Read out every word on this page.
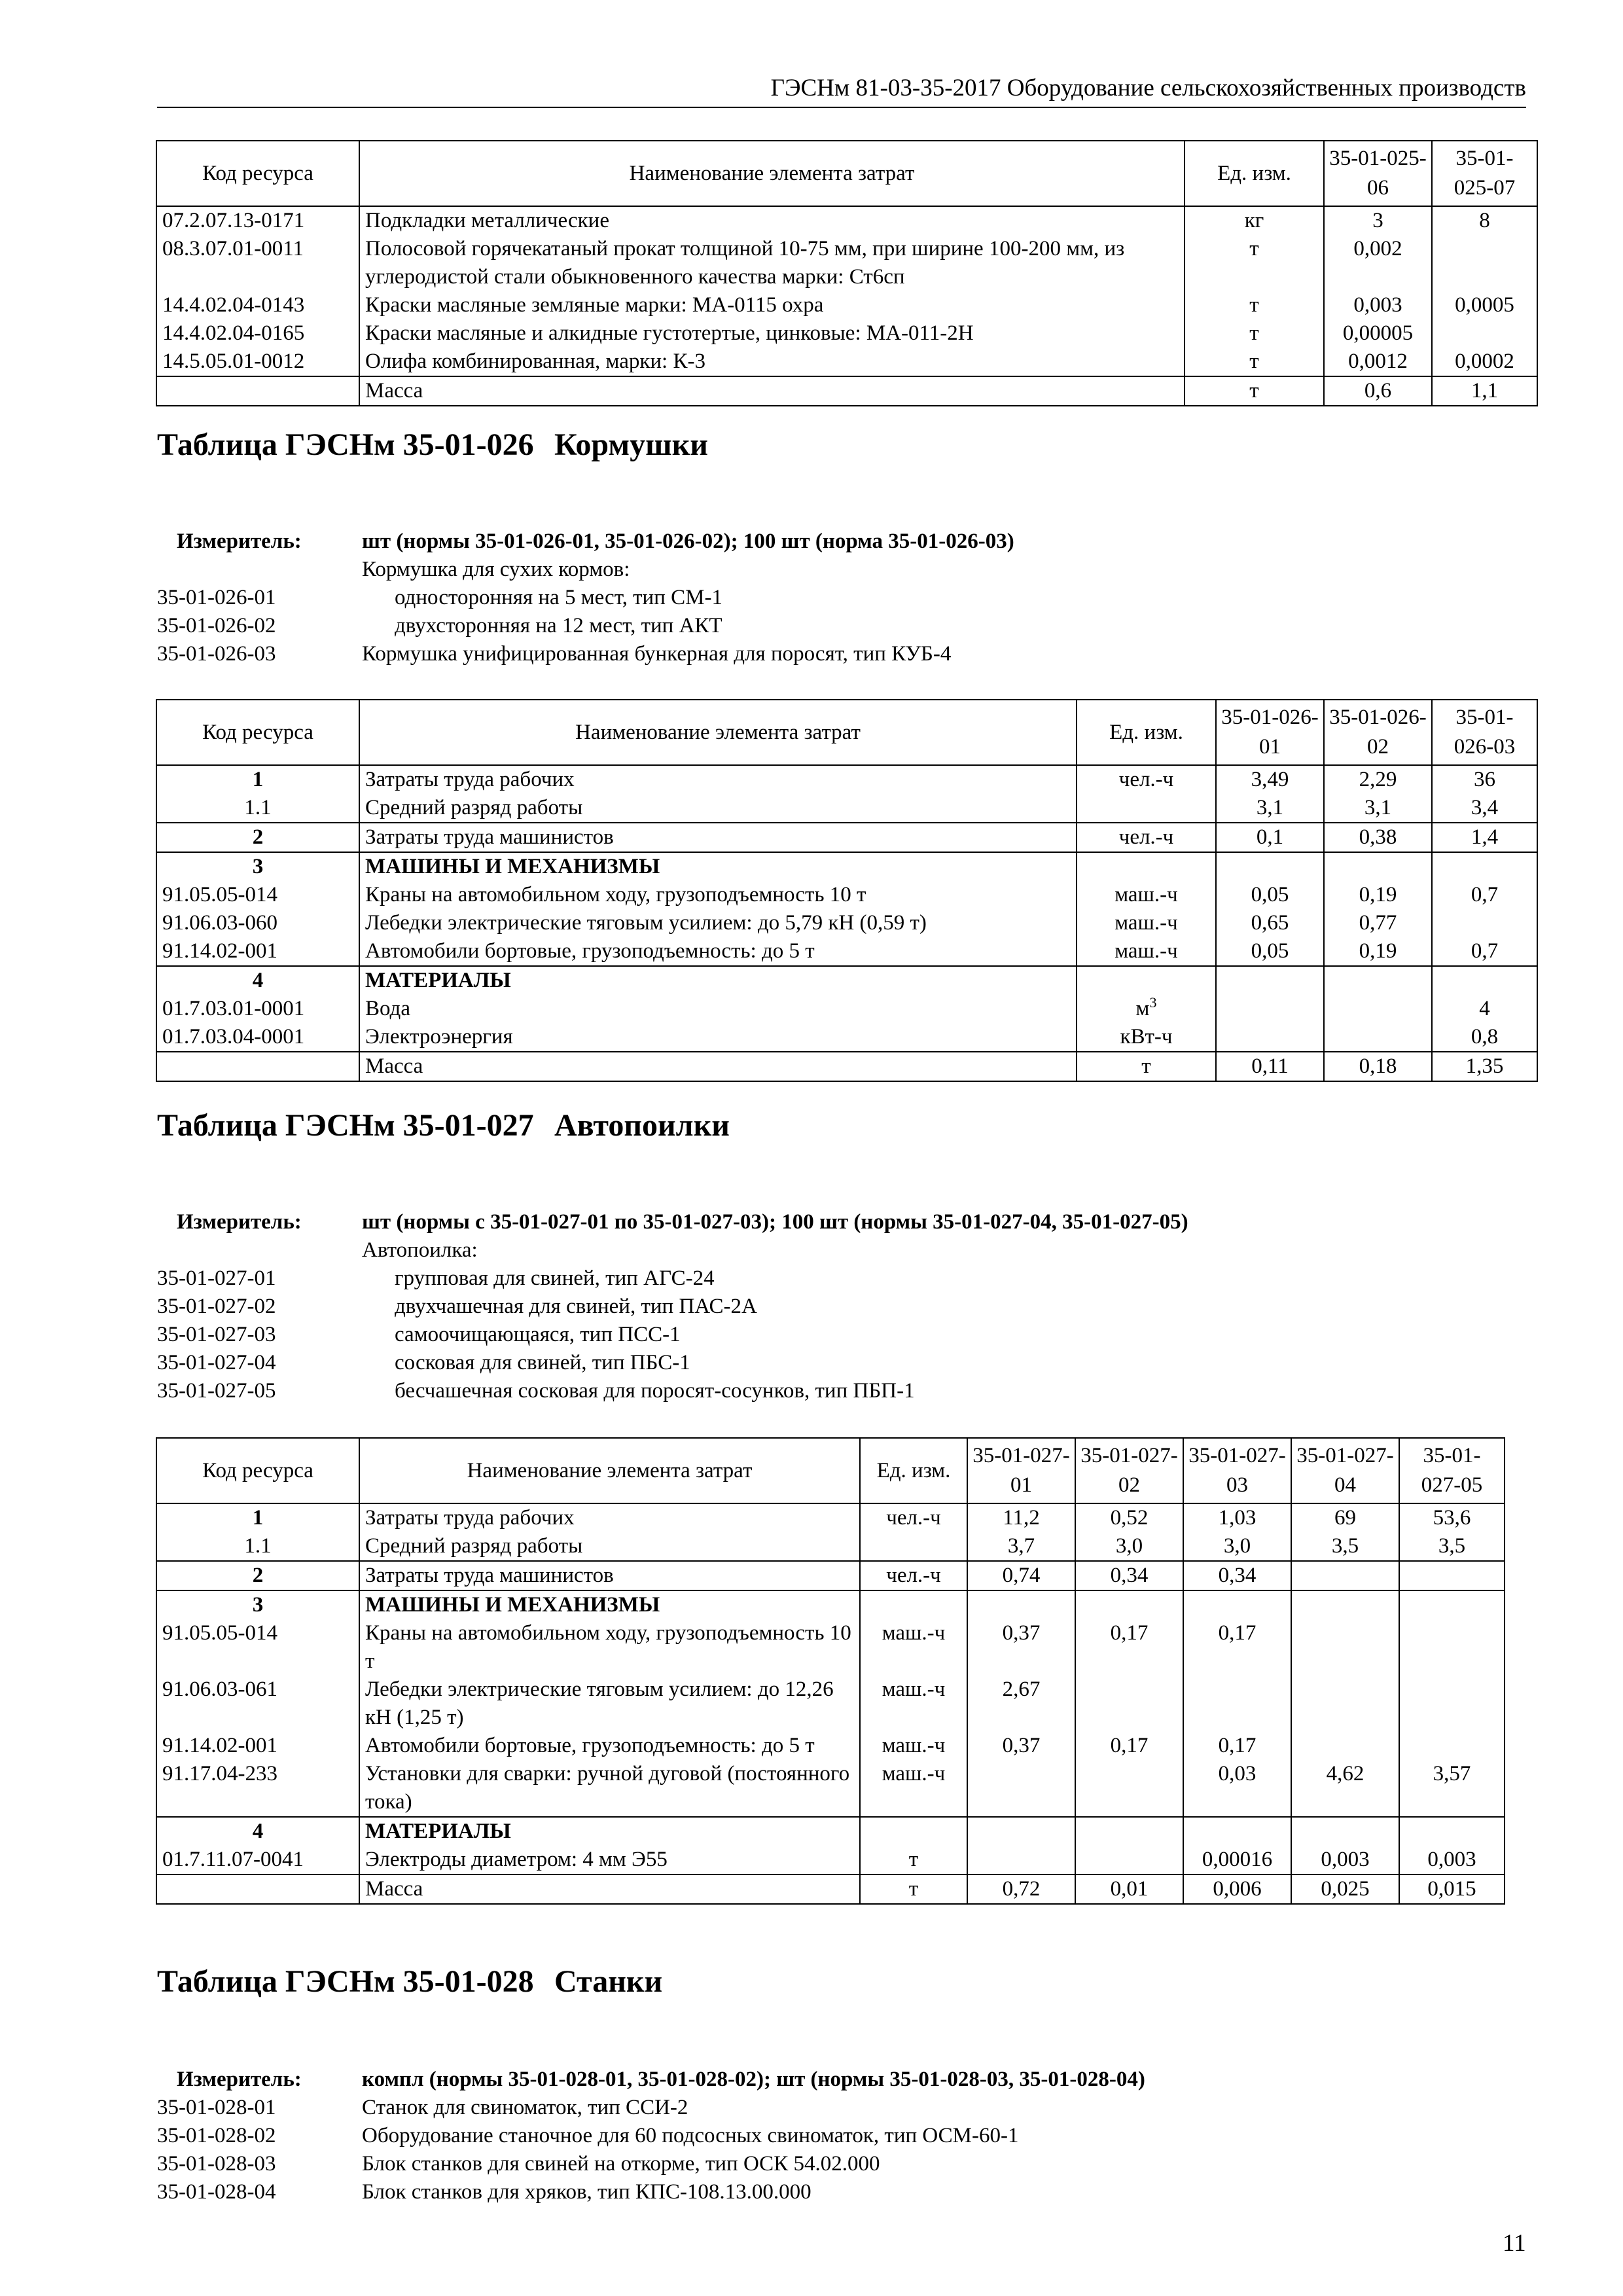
ГЭСНм 81-03-35-2017 Оборудование сельскохозяйственных производств
Код ресурса	Наименование элемента затрат	Ед. изм.	35-01-025-06	35-01-025-07
07.2.07.13-0171	Подкладки металлические	кг	3	8
08.3.07.01-0011	Полосовой горячекатаный прокат толщиной 10-75 мм, при ширине 100-200 мм, из углеродистой стали обыкновенного качества марки: Ст6сп	т	0,002	
14.4.02.04-0143	Краски масляные земляные марки: МА-0115 охра	т	0,003	0,0005
14.4.02.04-0165	Краски масляные и алкидные густотертые, цинковые: МА-011-2Н	т	0,00005	
14.5.05.01-0012	Олифа комбинированная, марки: К-3	т	0,0012	0,0002
	Масса	т	0,6	1,1
Таблица ГЭСНм 35-01-026 Кормушки
Измеритель:	шт (нормы 35-01-026-01, 35-01-026-02); 100 шт (норма 35-01-026-03)
Кормушка для сухих кормов:
35-01-026-01	односторонняя на 5 мест, тип СМ-1
35-01-026-02	двухсторонняя на 12 мест, тип АКТ
35-01-026-03	Кормушка унифицированная бункерная для поросят, тип КУБ-4
Код ресурса	Наименование элемента затрат	Ед. изм.	35-01-026-01	35-01-026-02	35-01-026-03
1	Затраты труда рабочих	чел.-ч	3,49	2,29	36
1.1	Средний разряд работы		3,1	3,1	3,4
2	Затраты труда машинистов	чел.-ч	0,1	0,38	1,4
3	МАШИНЫ И МЕХАНИЗМЫ				
91.05.05-014	Краны на автомобильном ходу, грузоподъемность 10 т	маш.-ч	0,05	0,19	0,7
91.06.03-060	Лебедки электрические тяговым усилием: до 5,79 кН (0,59 т)	маш.-ч	0,65	0,77	
91.14.02-001	Автомобили бортовые, грузоподъемность: до 5 т	маш.-ч	0,05	0,19	0,7
4	МАТЕРИАЛЫ				
01.7.03.01-0001	Вода	$м^3$			4
01.7.03.04-0001	Электроэнергия	кВт-ч			0,8
	Масса	т	0,11	0,18	1,35
Таблица ГЭСНм 35-01-027 Автопоилки
Измеритель:	шт (нормы с 35-01-027-01 по 35-01-027-03); 100 шт (нормы 35-01-027-04, 35-01-027-05)
Автопоилка:
35-01-027-01	групповая для свиней, тип АГС-24
35-01-027-02	двухчашечная для свиней, тип ПАС-2А
35-01-027-03	самоочищающаяся, тип ПСС-1
35-01-027-04	сосковая для свиней, тип ПБС-1
35-01-027-05	бесчашечная сосковая для поросят-сосунков, тип ПБП-1
Код ресурса	Наименование элемента затрат	Ед. изм.	35-01-027-01	35-01-027-02	35-01-027-03	35-01-027-04	35-01-027-05
1	Затраты труда рабочих	чел.-ч	11,2	0,52	1,03	69	53,6
1.1	Средний разряд работы		3,7	3,0	3,0	3,5	3,5
2	Затраты труда машинистов	чел.-ч	0,74	0,34	0,34		
3	МАШИНЫ И МЕХАНИЗМЫ						
91.05.05-014	Краны на автомобильном ходу, грузоподъемность 10 т	маш.-ч	0,37	0,17	0,17		
91.06.03-061	Лебедки электрические тяговым усилием: до 12,26 кН (1,25 т)	маш.-ч	2,67				
91.14.02-001	Автомобили бортовые, грузоподъемность: до 5 т	маш.-ч	0,37	0,17	0,17		
91.17.04-233	Установки для сварки: ручной дуговой (постоянного тока)	маш.-ч			0,03	4,62	3,57
4	МАТЕРИАЛЫ						
01.7.11.07-0041	Электроды диаметром: 4 мм Э55	т			0,00016	0,003	0,003
	Масса	т	0,72	0,01	0,006	0,025	0,015
Таблица ГЭСНм 35-01-028 Станки
Измеритель:	компл (нормы 35-01-028-01, 35-01-028-02); шт (нормы 35-01-028-03, 35-01-028-04)
35-01-028-01	Станок для свиноматок, тип ССИ-2
35-01-028-02	Оборудование станочное для 60 подсосных свиноматок, тип ОСМ-60-1
35-01-028-03	Блок станков для свиней на откорме, тип ОСК 54.02.000
35-01-028-04	Блок станков для хряков, тип КПС-108.13.00.000
11
